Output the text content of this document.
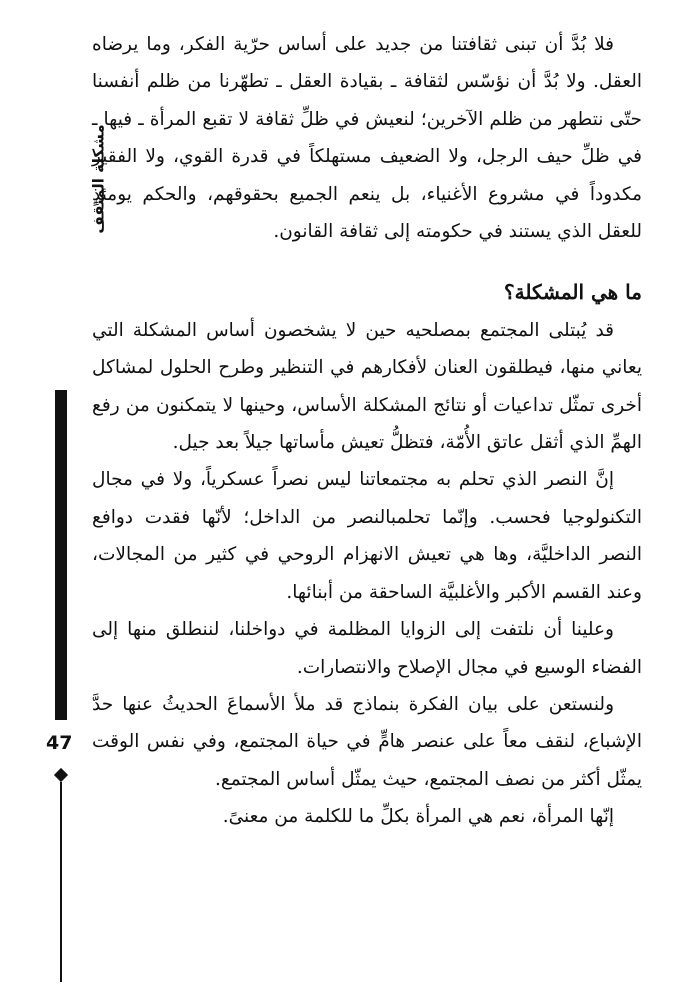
مشكلة المثقف
47

فلا بُدَّ أن تبنى ثقافتنا من جديد على أساس حرّية الفكر، وما يرضاه العقل. ولا بُدَّ أن نؤسّس لثقافة ـ بقيادة العقل ـ تطهّرنا من ظلم أنفسنا حتّى نتطهر من ظلم الآخرين؛ لنعيش في ظلِّ ثقافة لا تقبع المرأة ـ فيها ـ في ظلِّ حيف الرجل، ولا الضعيف مستهلكاً في قدرة القوي، ولا الفقير مكدوداً في مشروع الأغنياء، بل ينعم الجميع بحقوقهم، والحكم يومئذٍ للعقل الذي يستند في حكومته إلى ثقافة القانون.

ما هي المشكلة؟

قد يُبتلى المجتمع بمصلحيه حين لا يشخصون أساس المشكلة التي يعاني منها، فيطلقون العنان لأفكارهم في التنظير وطرح الحلول لمشاكل أخرى تمثّل تداعيات أو نتائج المشكلة الأساس، وحينها لا يتمكنون من رفع الهمِّ الذي أثقل عاتق الأُمّة، فتظلُّ تعيش مأساتها جيلاً بعد جيل.

إنَّ النصر الذي تحلم به مجتمعاتنا ليس نصراً عسكرياً، ولا في مجال التكنولوجيا فحسب. وإنّما تحلمبالنصر من الداخل؛ لأنّها فقدت دوافع النصر الداخليَّة، وها هي تعيش الانهزام الروحي في كثير من المجالات، وعند القسم الأكبر والأغلبيَّة الساحقة من أبنائها.

وعلينا أن نلتفت إلى الزوايا المظلمة في دواخلنا، لننطلق منها إلى الفضاء الوسيع في مجال الإصلاح والانتصارات.

ولنستعن على بيان الفكرة بنماذج قد ملأ الأسماعَ الحديثُ عنها حدَّ الإشباع، لنقف معاً على عنصر هامٍّ في حياة المجتمع، وفي نفس الوقت يمثّل أكثر من نصف المجتمع، حيث يمثّل أساس المجتمع.

إنّها المرأة، نعم هي المرأة بكلِّ ما للكلمة من معنىً.
